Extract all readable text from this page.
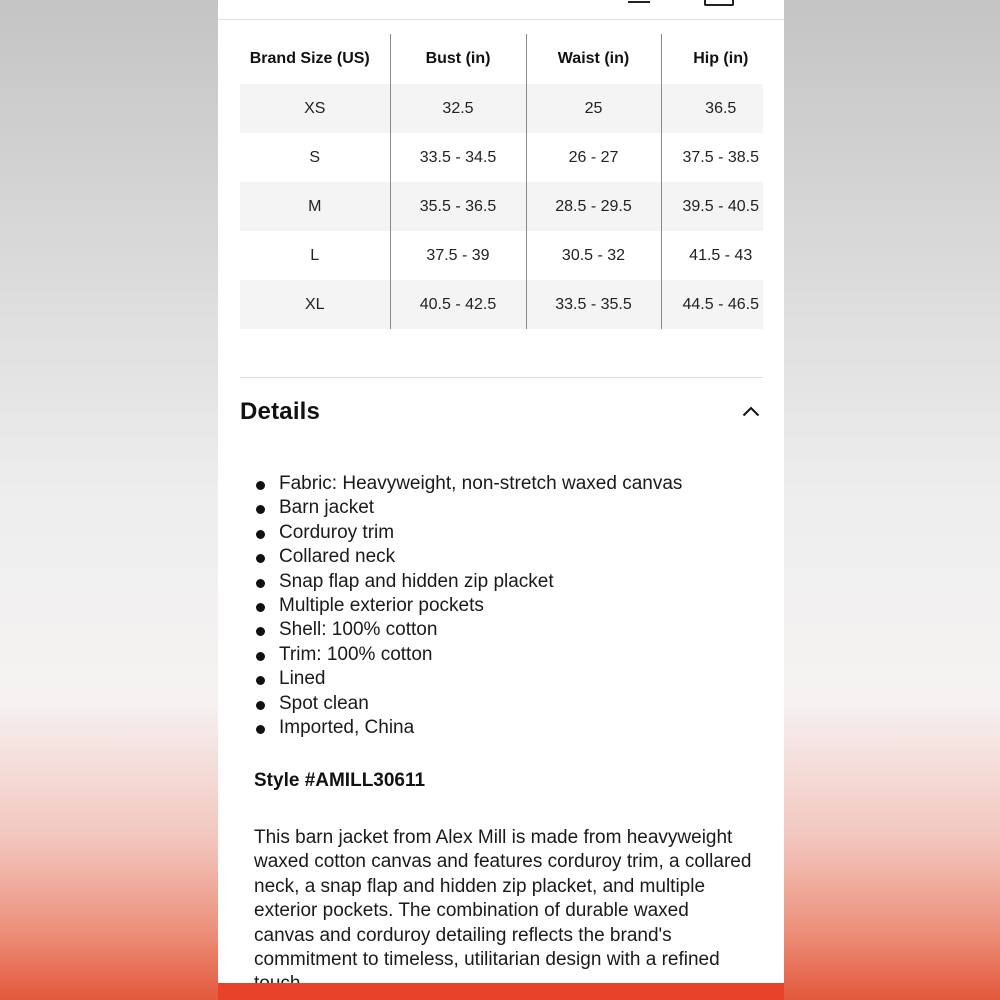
Brand Size (US)	Bust (in)	Waist (in)	Hip (in)
XS	32.5	25	36.5
S	33.5 - 34.5	26 - 27	37.5 - 38.5
M	35.5 - 36.5	28.5 - 29.5	39.5 - 40.5
L	37.5 - 39	30.5 - 32	41.5 - 43
XL	40.5 - 42.5	33.5 - 35.5	44.5 - 46.5
Details
Fabric: Heavyweight, non-stretch waxed canvas
Barn jacket
Corduroy trim
Collared neck
Snap flap and hidden zip placket
Multiple exterior pockets
Shell: 100% cotton
Trim: 100% cotton
Lined
Spot clean
Imported, China
Style #AMILL30611

This barn jacket from Alex Mill is made from heavyweight waxed cotton canvas and features corduroy trim, a collared neck, a snap flap and hidden zip placket, and multiple exterior pockets. The combination of durable waxed canvas and corduroy detailing reflects the brand's commitment to timeless, utilitarian design with a refined
